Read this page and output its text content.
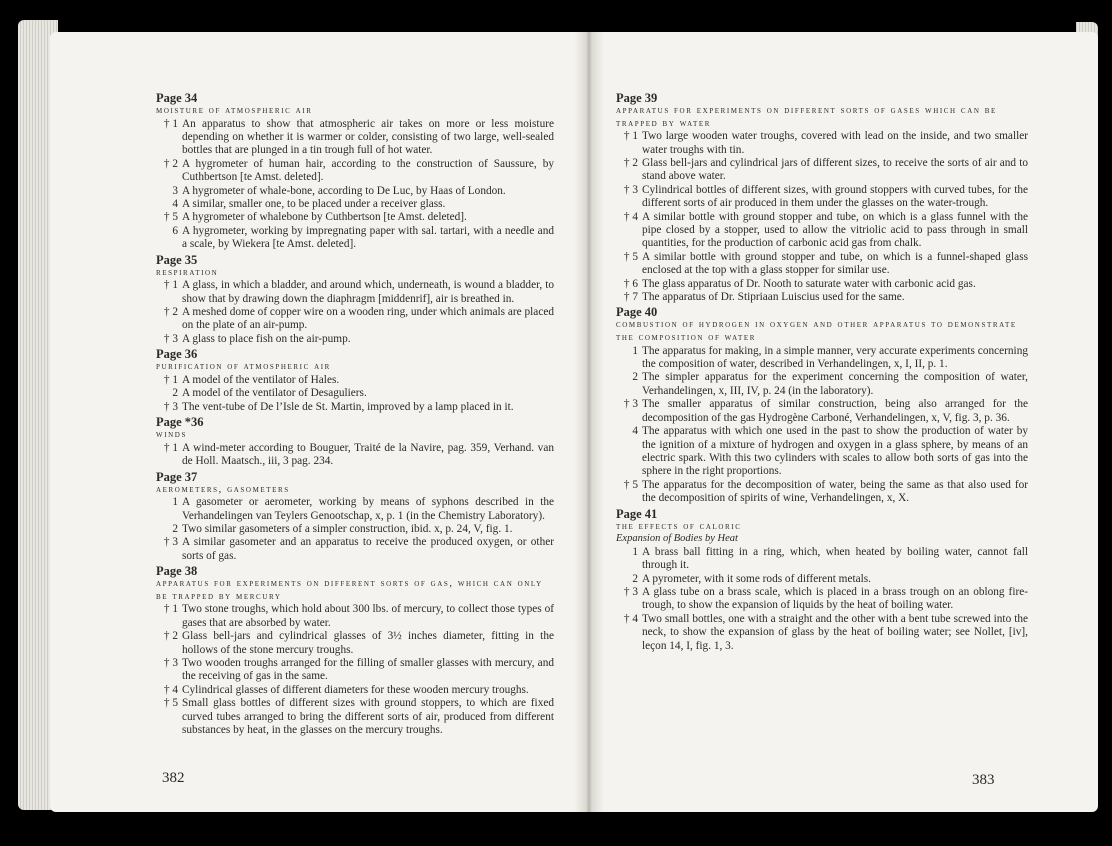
Page 34
moisture of atmospheric air
† 1 An apparatus to show that atmospheric air takes on more or less moisture depending on whether it is warmer or colder, consisting of two large, well-sealed bottles that are plunged in a tin trough full of hot water.
† 2 A hygrometer of human hair, according to the construction of Saussure, by Cuthbertson [te Amst. deleted].
3 A hygrometer of whale-bone, according to De Luc, by Haas of London.
4 A similar, smaller one, to be placed under a receiver glass.
† 5 A hygrometer of whalebone by Cuthbertson [te Amst. deleted].
6 A hygrometer, working by impregnating paper with sal. tartari, with a needle and a scale, by Wiekera [te Amst. deleted].
Page 35
respiration
† 1 A glass, in which a bladder, and around which, underneath, is wound a bladder, to show that by drawing down the diaphragm [middenrif], air is breathed in.
† 2 A meshed dome of copper wire on a wooden ring, under which animals are placed on the plate of an air-pump.
† 3 A glass to place fish on the air-pump.
Page 36
purification of atmospheric air
† 1 A model of the ventilator of Hales.
2 A model of the ventilator of Desaguliers.
† 3 The vent-tube of De l’Isle de St. Martin, improved by a lamp placed in it.
Page *36
winds
† 1 A wind-meter according to Bouguer, Traité de la Navire, pag. 359, Verhand. van de Holl. Maatsch., iii, 3 pag. 234.
Page 37
aerometers, gasometers
1 A gasometer or aerometer, working by means of syphons described in the Verhandelingen van Teylers Genootschap, x, p. 1 (in the Chemistry Laboratory).
2 Two similar gasometers of a simpler construction, ibid. x, p. 24, V, fig. 1.
† 3 A similar gasometer and an apparatus to receive the produced oxygen, or other sorts of gas.
Page 38
apparatus for experiments on different sorts of gas, which can only be trapped by mercury
† 1 Two stone troughs, which hold about 300 lbs. of mercury, to collect those types of gases that are absorbed by water.
† 2 Glass bell-jars and cylindrical glasses of 3½ inches diameter, fitting in the hollows of the stone mercury troughs.
† 3 Two wooden troughs arranged for the filling of smaller glasses with mercury, and the receiving of gas in the same.
† 4 Cylindrical glasses of different diameters for these wooden mercury troughs.
† 5 Small glass bottles of different sizes with ground stoppers, to which are fixed curved tubes arranged to bring the different sorts of air, produced from different substances by heat, in the glasses on the mercury troughs.
382
Page 39
apparatus for experiments on different sorts of gases which can be trapped by water
† 1 Two large wooden water troughs, covered with lead on the inside, and two smaller water troughs with tin.
† 2 Glass bell-jars and cylindrical jars of different sizes, to receive the sorts of air and to stand above water.
† 3 Cylindrical bottles of different sizes, with ground stoppers with curved tubes, for the different sorts of air produced in them under the glasses on the water-trough.
† 4 A similar bottle with ground stopper and tube, on which is a glass funnel with the pipe closed by a stopper, used to allow the vitriolic acid to pass through in small quantities, for the production of carbonic acid gas from chalk.
† 5 A similar bottle with ground stopper and tube, on which is a funnel-shaped glass enclosed at the top with a glass stopper for similar use.
† 6 The glass apparatus of Dr. Nooth to saturate water with carbonic acid gas.
† 7 The apparatus of Dr. Stipriaan Luiscius used for the same.
Page 40
combustion of hydrogen in oxygen and other apparatus to demonstrate the composition of water
1 The apparatus for making, in a simple manner, very accurate experiments concerning the composition of water, described in Verhandelingen, x, I, II, p. 1.
2 The simpler apparatus for the experiment concerning the composition of water, Verhandelingen, x, III, IV, p. 24 (in the laboratory).
† 3 The smaller apparatus of similar construction, being also arranged for the decomposition of the gas Hydrogène Carboné, Verhandelingen, x, V, fig. 3, p. 36.
4 The apparatus with which one used in the past to show the production of water by the ignition of a mixture of hydrogen and oxygen in a glass sphere, by means of an electric spark. With this two cylinders with scales to allow both sorts of gas into the sphere in the right proportions.
† 5 The apparatus for the decomposition of water, being the same as that also used for the decomposition of spirits of wine, Verhandelingen, x, X.
Page 41
the effects of caloric
Expansion of Bodies by Heat
1 A brass ball fitting in a ring, which, when heated by boiling water, cannot fall through it.
2 A pyrometer, with it some rods of different metals.
† 3 A glass tube on a brass scale, which is placed in a brass trough on an oblong fire-trough, to show the expansion of liquids by the heat of boiling water.
† 4 Two small bottles, one with a straight and the other with a bent tube screwed into the neck, to show the expansion of glass by the heat of boiling water; see Nollet, [iv], leçon 14, I, fig. 1, 3.
383
